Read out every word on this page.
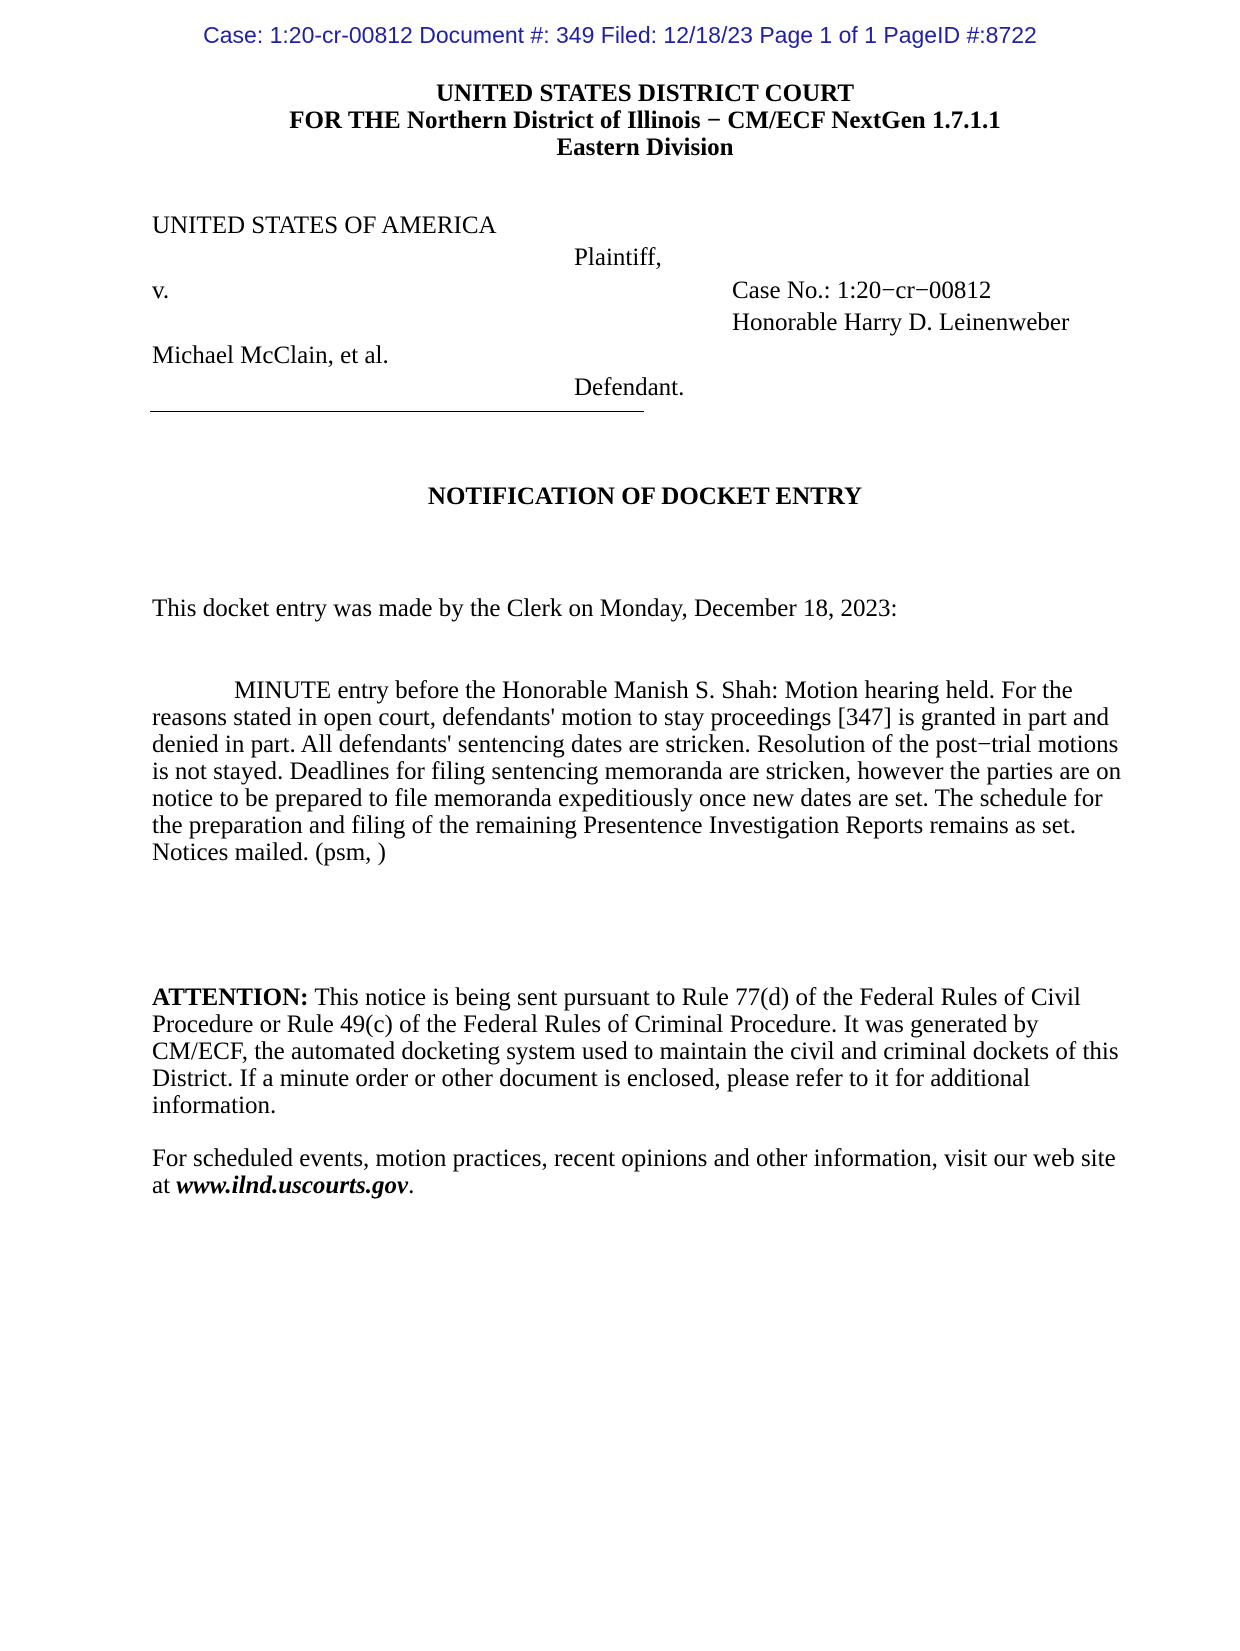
Case: 1:20-cr-00812 Document #: 349 Filed: 12/18/23 Page 1 of 1 PageID #:8722
UNITED STATES DISTRICT COURT
FOR THE Northern District of Illinois − CM/ECF NextGen 1.7.1.1
Eastern Division
UNITED STATES OF AMERICA
Plaintiff,
v.	Case No.: 1:20−cr−00812
Honorable Harry D. Leinenweber
Michael McClain, et al.
Defendant.
NOTIFICATION OF DOCKET ENTRY
This docket entry was made by the Clerk on Monday, December 18, 2023:
MINUTE entry before the Honorable Manish S. Shah: Motion hearing held. For the reasons stated in open court, defendants' motion to stay proceedings [347] is granted in part and denied in part. All defendants' sentencing dates are stricken. Resolution of the post−trial motions is not stayed. Deadlines for filing sentencing memoranda are stricken, however the parties are on notice to be prepared to file memoranda expeditiously once new dates are set. The schedule for the preparation and filing of the remaining Presentence Investigation Reports remains as set. Notices mailed. (psm, )
ATTENTION: This notice is being sent pursuant to Rule 77(d) of the Federal Rules of Civil Procedure or Rule 49(c) of the Federal Rules of Criminal Procedure. It was generated by CM/ECF, the automated docketing system used to maintain the civil and criminal dockets of this District. If a minute order or other document is enclosed, please refer to it for additional information.
For scheduled events, motion practices, recent opinions and other information, visit our web site at www.ilnd.uscourts.gov.
